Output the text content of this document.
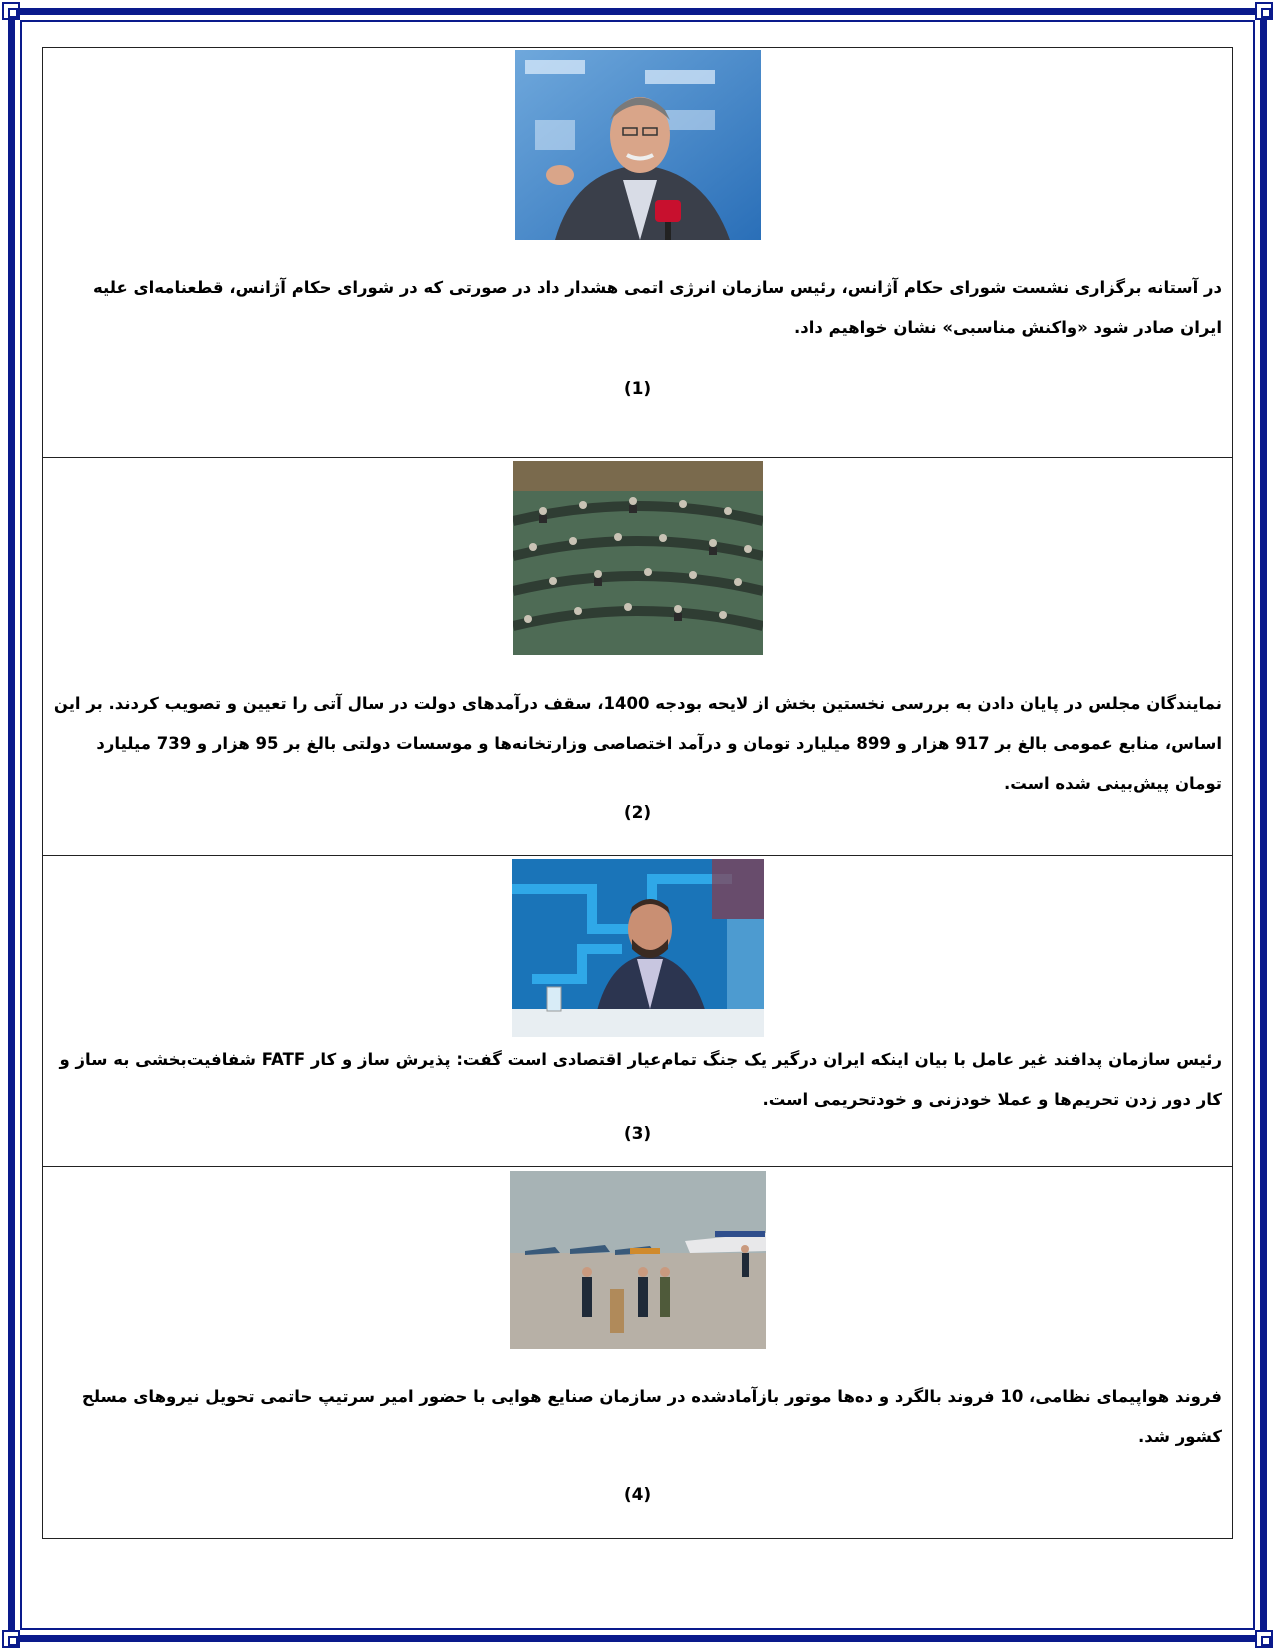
در آستانه برگزاری نشست شورای حکام آژانس، رئیس سازمان انرژی اتمی هشدار داد در صورتی که در شورای حکام آژانس، قطعنامه‌ای علیه ایران صادر شود «واکنش مناسبی» نشان خواهیم داد.
(1)
نمایندگان مجلس در پایان دادن به بررسی نخستین بخش از لایحه بودجه 1400، سقف درآمدهای دولت در سال آتی را تعیین و تصویب کردند. بر این اساس، منابع عمومی بالغ بر 917 هزار و 899 میلیارد تومان و درآمد اختصاصی وزارتخانه‌ها و موسسات دولتی بالغ بر 95 هزار و 739 میلیارد تومان پیش‌بینی شده است.
(2)
رئیس سازمان پدافند غیر عامل با بیان اینکه ایران درگیر یک جنگ تمام‌عیار اقتصادی است گفت: پذیرش ساز و کار FATF شفافیت‌بخشی به ساز و کار دور زدن تحریم‌ها و عملا خودزنی و خودتحریمی است.
(3)
فروند هواپیمای نظامی، 10 فروند بالگرد و ده‌ها موتور بازآمادشده در سازمان صنایع هوایی با حضور امیر سرتیپ حاتمی تحویل نیروهای مسلح کشور شد.
(4)
